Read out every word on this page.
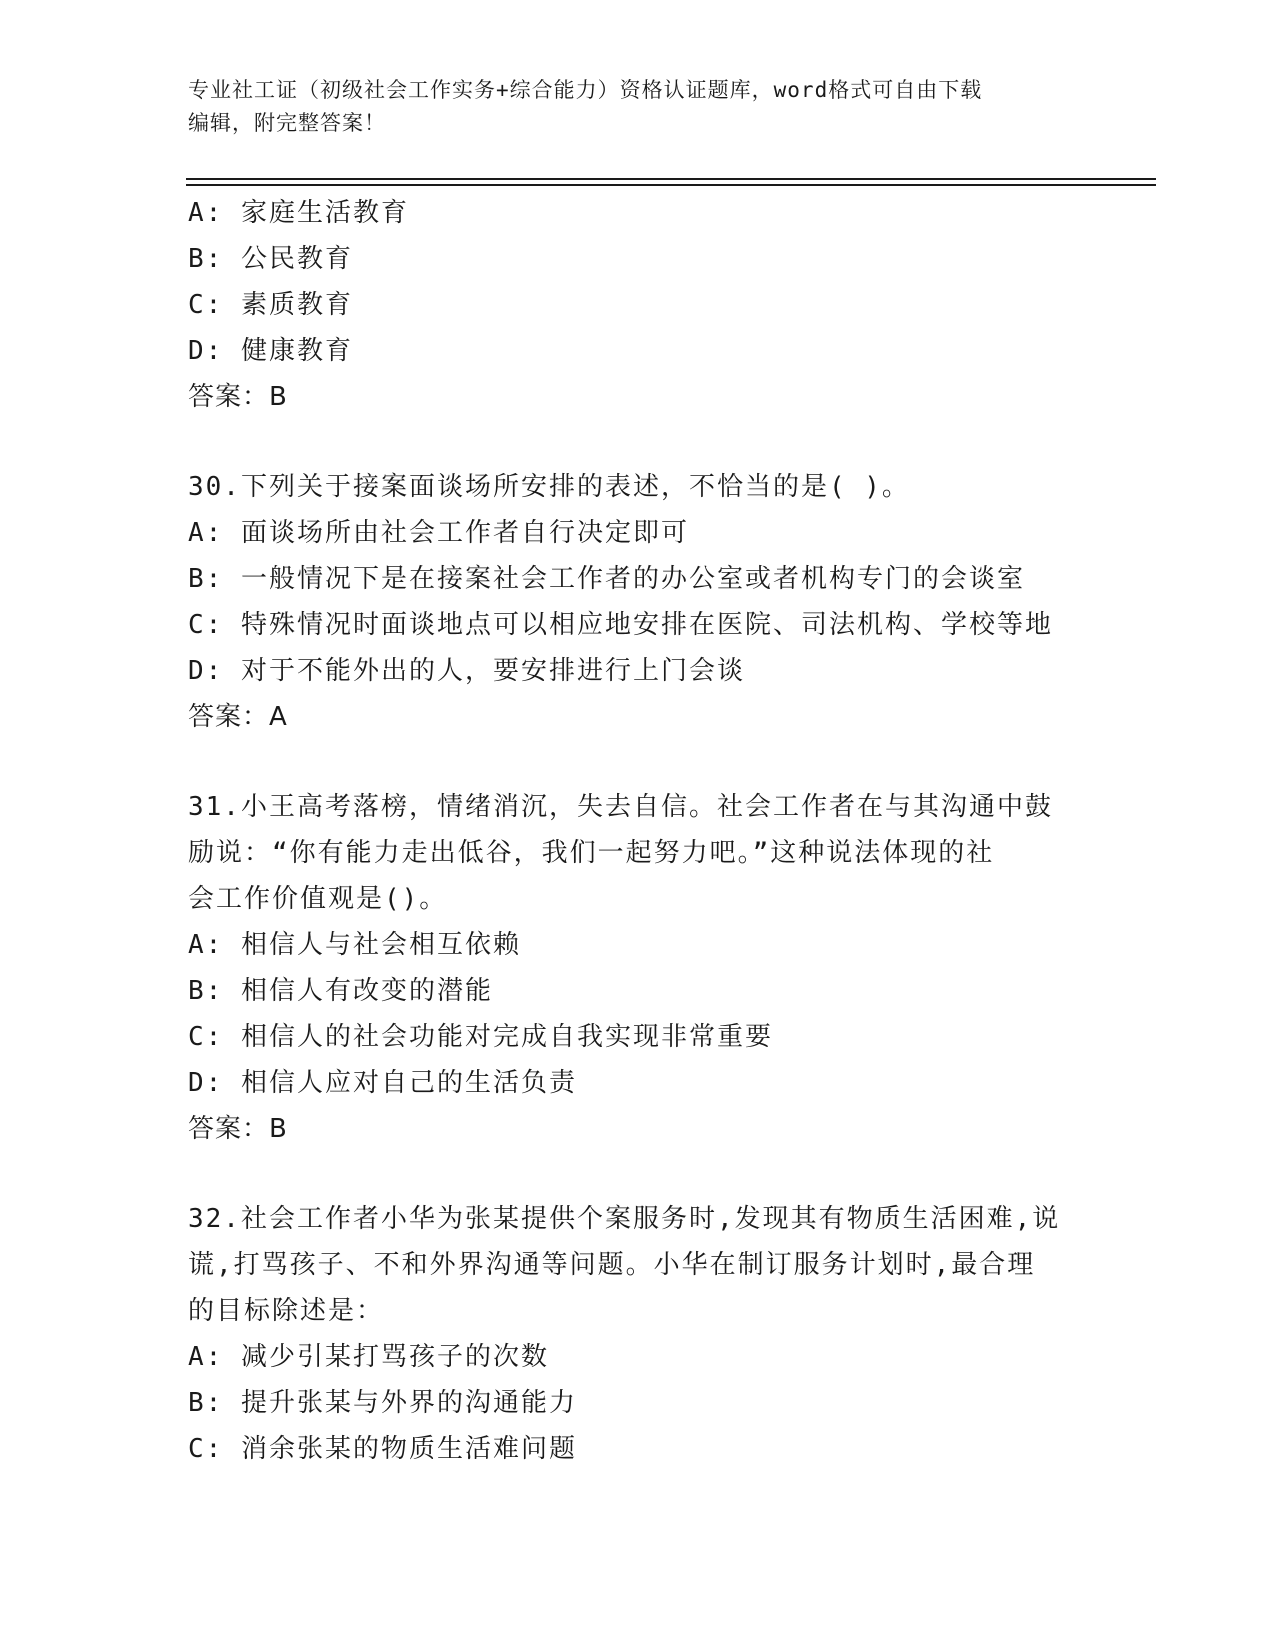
专业社工证（初级社会工作实务+综合能力）资格认证题库，word格式可自由下载

编辑，附完整答案！

A: 家庭生活教育

B: 公民教育

C: 素质教育

D: 健康教育

答案：B

30.下列关于接案面谈场所安排的表述，不恰当的是( )。

A: 面谈场所由社会工作者自行决定即可

B: 一般情况下是在接案社会工作者的办公室或者机构专门的会谈室

C: 特殊情况时面谈地点可以相应地安排在医院、司法机构、学校等地

D: 对于不能外出的人，要安排进行上门会谈

答案：A

31.小王高考落榜，情绪消沉，失去自信。社会工作者在与其沟通中鼓

励说：“你有能力走出低谷，我们一起努力吧。”这种说法体现的社

会工作价值观是()。

A: 相信人与社会相互依赖

B: 相信人有改变的潜能

C: 相信人的社会功能对完成自我实现非常重要

D: 相信人应对自己的生活负责

答案：B

32.社会工作者小华为张某提供个案服务时,发现其有物质生活困难,说

谎,打骂孩子、不和外界沟通等问题。小华在制订服务计划时,最合理

的目标除述是：

A: 减少引某打骂孩子的次数

B: 提升张某与外界的沟通能力

C: 消余张某的物质生活难问题
